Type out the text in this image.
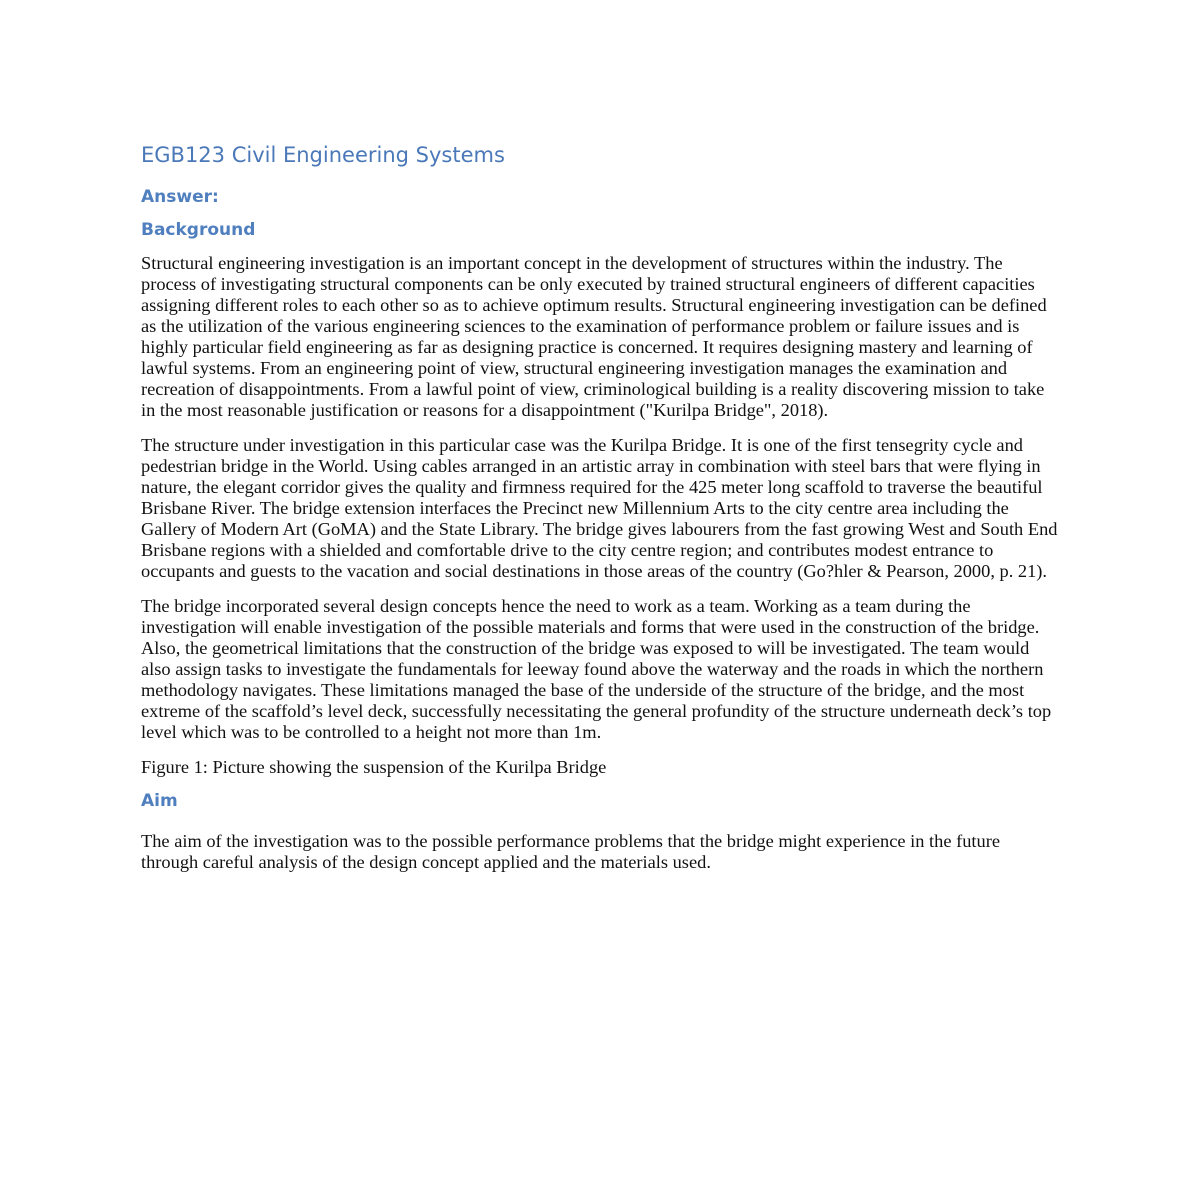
EGB123 Civil Engineering Systems
Answer:
Background

Structural engineering investigation is an important concept in the development of structures within the industry. The process of investigating structural components can be only executed by trained structural engineers of different capacities assigning different roles to each other so as to achieve optimum results. Structural engineering investigation can be defined as the utilization of the various engineering sciences to the examination of performance problem or failure issues and is highly particular field engineering as far as designing practice is concerned. It requires designing mastery and learning of lawful systems. From an engineering point of view, structural engineering investigation manages the examination and recreation of disappointments. From a lawful point of view, criminological building is a reality discovering mission to take in the most reasonable justification or reasons for a disappointment ("Kurilpa Bridge", 2018).

The structure under investigation in this particular case was the Kurilpa Bridge. It is one of the first tensegrity cycle and pedestrian bridge in the World. Using cables arranged in an artistic array in combination with steel bars that were flying in nature, the elegant corridor gives the quality and firmness required for the 425 meter long scaffold to traverse the beautiful Brisbane River. The bridge extension interfaces the Precinct new Millennium Arts to the city centre area including the Gallery of Modern Art (GoMA) and the State Library. The bridge gives labourers from the fast growing West and South End Brisbane regions with a shielded and comfortable drive to the city centre region; and contributes modest entrance to occupants and guests to the vacation and social destinations in those areas of the country (Go?hler & Pearson, 2000, p. 21).

The bridge incorporated several design concepts hence the need to work as a team. Working as a team during the investigation will enable investigation of the possible materials and forms that were used in the construction of the bridge. Also, the geometrical limitations that the construction of the bridge was exposed to will be investigated. The team would also assign tasks to investigate the fundamentals for leeway found above the waterway and the roads in which the northern methodology navigates. These limitations managed the base of the underside of the structure of the bridge, and the most extreme of the scaffold’s level deck, successfully necessitating the general profundity of the structure underneath deck’s top level which was to be controlled to a height not more than 1m.

Figure 1: Picture showing the suspension of the Kurilpa Bridge

Aim

The aim of the investigation was to the possible performance problems that the bridge might experience in the future through careful analysis of the design concept applied and the materials used.
